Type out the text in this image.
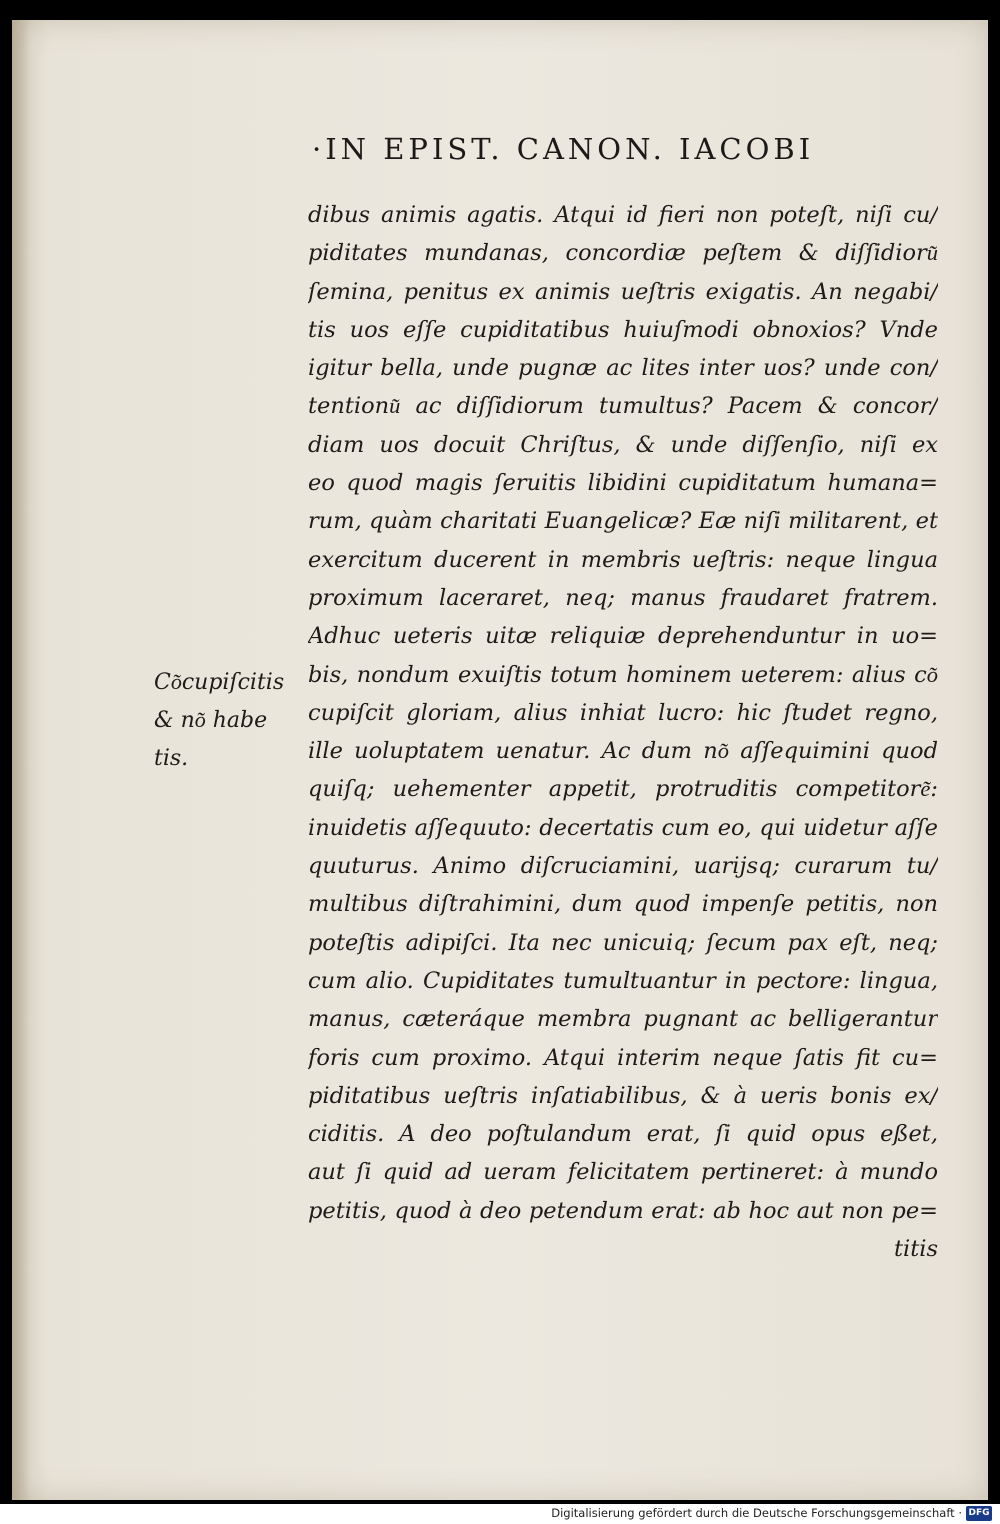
·IN EPIST. CANON. IACOBI
dibus animis agatis. Atqui id fieri non poteſt, niſi cu/
piditates mundanas, concordiæ peſtem & diſſidioru͂
ſemina, penitus ex animis ueſtris exigatis. An negabi/
tis uos eſſe cupiditatibus huiuſmodi obnoxios? Vnde
igitur bella, unde pugnæ ac lites inter uos? unde con/
tentionu͂ ac diſſidiorum tumultus? Pacem & concor/
diam uos docuit Chriſtus, & unde diſſenſio, niſi ex
eo quod magis ſeruitis libidini cupiditatum humana=
rum, quàm charitati Euangelicæ? Eæ niſi militarent, et
exercitum ducerent in membris ueſtris: neque lingua
proximum laceraret, neq; manus fraudaret fratrem.
Adhuc ueteris uitæ reliquiæ deprehenduntur in uo=
bis, nondum exuiſtis totum hominem ueterem: alius co͂
cupiſcit gloriam, alius inhiat lucro: hic ſtudet regno,
ille uoluptatem uenatur. Ac dum no͂ aſſequimini quod
quiſq; uehementer appetit, protruditis competitore͂:
inuidetis aſſequuto: decertatis cum eo, qui uidetur aſſe
quuturus. Animo diſcruciamini, uarijsq; curarum tu/
multibus diſtrahimini, dum quod impenſe petitis, non
poteſtis adipiſci. Ita nec unicuiq; ſecum pax eſt, neq;
cum alio. Cupiditates tumultuantur in pectore: lingua,
manus, cæteráque membra pugnant ac belligerantur
foris cum proximo. Atqui interim neque ſatis fit cu=
piditatibus ueſtris inſatiabilibus, & à ueris bonis ex/
ciditis. A deo poſtulandum erat, ſi quid opus eßet,
aut ſi quid ad ueram felicitatem pertineret: à mundo
petitis, quod à deo petendum erat: ab hoc aut non pe=
titis
Co͂cupiſcitis
& no͂ habe
tis.
Digitalisierung gefördert durch die Deutsche Forschungsgemeinschaft · DFG
